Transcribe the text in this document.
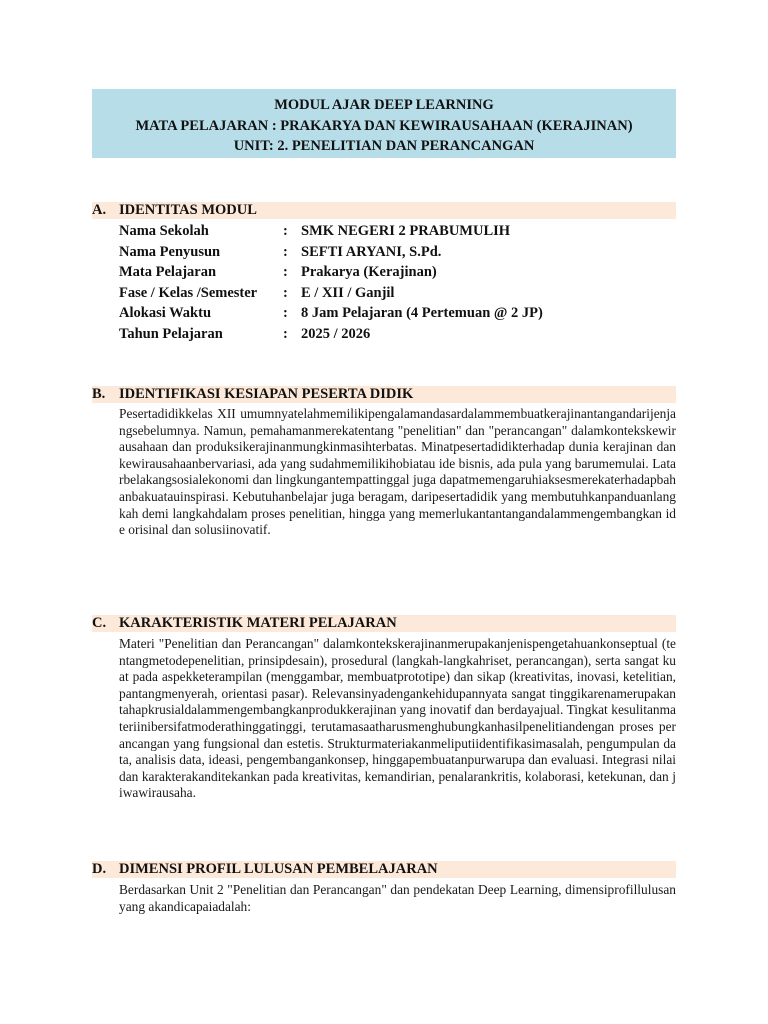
MODUL AJAR DEEP LEARNING
MATA PELAJARAN : PRAKARYA DAN KEWIRAUSAHAAN (KERAJINAN)
UNIT: 2. PENELITIAN DAN PERANCANGAN
A. IDENTITAS MODUL
Nama Sekolah	: SMK NEGERI 2 PRABUMULIH
Nama Penyusun	: SEFTI ARYANI, S.Pd.
Mata Pelajaran	: Prakarya (Kerajinan)
Fase / Kelas /Semester : E / XII / Ganjil
Alokasi Waktu	: 8 Jam Pelajaran (4 Pertemuan @ 2 JP)
Tahun Pelajaran	: 2025 / 2026
B. IDENTIFIKASI KESIAPAN PESERTA DIDIK
Pesertadidikkelas XII umumnyatelahmemilikipengalamandasardalammembuatkerajinantangandarijenjangsebelumnya. Namun, pemahamanmerekatentang "penelitian" dan "perancangan" dalamkontekskewirausahaan dan produksikerajinanmungkinmasihterbatas. Minatpesertadidikterhadap dunia kerajinan dan kewirausahaanbervariasi, ada yang sudahmemilikihobiatau ide bisnis, ada pula yang barumemulai. Latarbelakangsosialekonomi dan lingkungantempattinggal juga dapatmemengaruhiaksesmerekaterhadapbahanbakuatauinspirasi. Kebutuhanbelajar juga beragam, daripesertadidik yang membutuhkanpanduanlangkah demi langkahdalam proses penelitian, hingga yang memerlukantantangandalammengembangkan ide orisinal dan solusiinovatif.
C. KARAKTERISTIK MATERI PELAJARAN
Materi "Penelitian dan Perancangan" dalamkontekskerajinanmerupakanjenispengetahuankonseptual (tentangmetodepenelitian, prinsipdesain), prosedural (langkah-langkahriset, perancangan), serta sangat kuat pada aspekketerampilan (menggambar, membuatprototipe) dan sikap (kreativitas, inovasi, ketelitian, pantangmenyerah, orientasi pasar). Relevansinyadengankehidupannyata sangat tinggikarenamerupakantahapkrusialdalammengembangkanprodukkerajinan yang inovatif dan berdayajual. Tingkat kesulitanmateriinibersifatmoderathinggatinggi, terutamasaatharusmenghubungkanhasilpenelitiandengan proses perancangan yang fungsional dan estetis. Strukturmateriakanmeliputiidentifikasimasalah, pengumpulan data, analisis data, ideasi, pengembangankonsep, hinggapembuatanpurwarupa dan evaluasi. Integrasi nilai dan karakterakanditekankan pada kreativitas, kemandirian, penalarankritis, kolaborasi, ketekunan, dan jiwawirausaha.
D. DIMENSI PROFIL LULUSAN PEMBELAJARAN
Berdasarkan Unit 2 "Penelitian dan Perancangan" dan pendekatan Deep Learning, dimensiprofillulusan yang akandicapaiadalah:
